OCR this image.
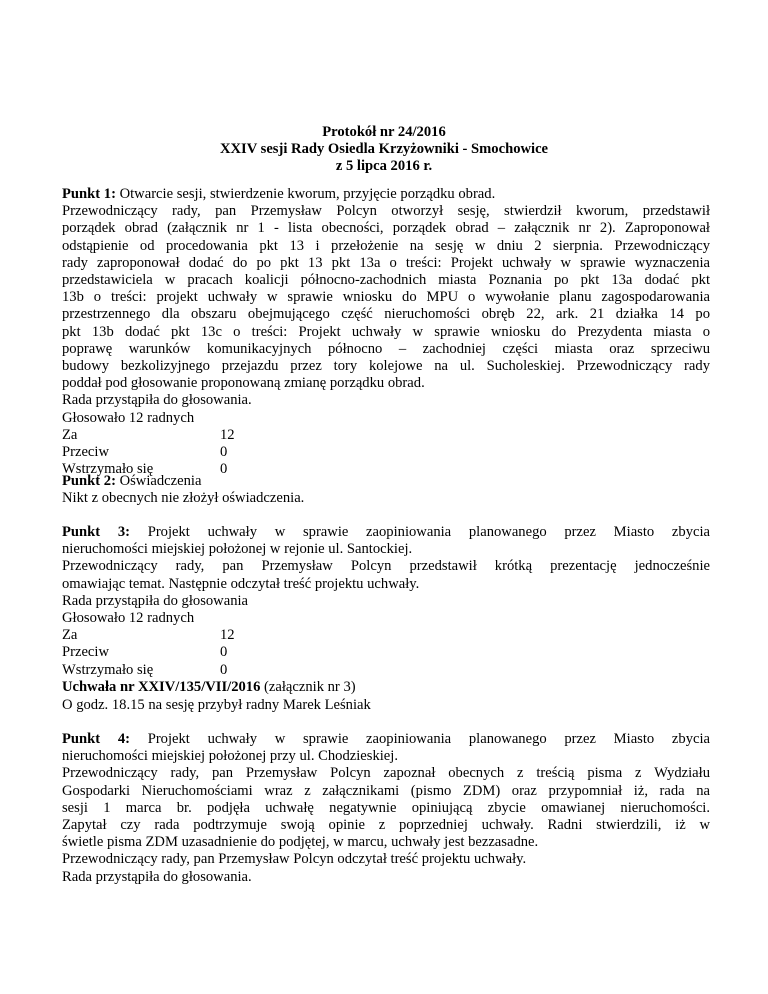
Protokół nr 24/2016
XXIV sesji Rady Osiedla Krzyżowniki - Smochowice
z 5 lipca 2016 r.

Punkt 1: Otwarcie sesji, stwierdzenie kworum, przyjęcie porządku obrad.

Przewodniczący rady, pan Przemysław Polcyn otworzył sesję, stwierdził kworum, przedstawił

porządek obrad (załącznik nr 1 - lista obecności, porządek obrad – załącznik nr 2). Zaproponował

odstąpienie od procedowania pkt 13 i przełożenie na sesję w dniu 2 sierpnia. Przewodniczący

rady zaproponował dodać do po pkt 13 pkt 13a o treści: Projekt uchwały w sprawie wyznaczenia

przedstawiciela w pracach koalicji północno-zachodnich miasta Poznania po pkt 13a dodać pkt

13b o treści: projekt uchwały w sprawie wniosku do MPU o wywołanie planu zagospodarowania

przestrzennego dla obszaru obejmującego część nieruchomości obręb 22, ark. 21 działka 14 po

pkt 13b dodać pkt 13c o treści: Projekt uchwały w sprawie wniosku do Prezydenta miasta o

poprawę warunków komunikacyjnych północno – zachodniej części miasta oraz sprzeciwu

budowy bezkolizyjnego przejazdu przez tory kolejowe na ul. Sucholeskiej. Przewodniczący rady

poddał pod głosowanie proponowaną zmianę porządku obrad.

Rada przystąpiła do głosowania.

Głosowało 12 radnych

Za	12
Przeciw	0
Wstrzymało się	0

Punkt 2: Oświadczenia

Nikt z obecnych nie złożył oświadczenia.

Punkt 3: Projekt uchwały w sprawie zaopiniowania planowanego przez Miasto zbycia

nieruchomości miejskiej położonej w rejonie ul. Santockiej.

Przewodniczący rady, pan Przemysław Polcyn przedstawił krótką prezentację jednocześnie

omawiając temat. Następnie odczytał treść projektu uchwały.

Rada przystąpiła do głosowania

Głosowało 12 radnych

Za	12
Przeciw	0
Wstrzymało się	0

Uchwała nr XXIV/135/VII/2016 (załącznik nr 3)

O godz. 18.15 na sesję przybył radny Marek Leśniak

Punkt 4: Projekt uchwały w sprawie zaopiniowania planowanego przez Miasto zbycia

nieruchomości miejskiej położonej przy ul. Chodzieskiej.

Przewodniczący rady, pan Przemysław Polcyn zapoznał obecnych z treścią pisma z Wydziału

Gospodarki Nieruchomościami wraz z załącznikami (pismo ZDM) oraz przypomniał iż, rada na

sesji 1 marca br. podjęła uchwałę negatywnie opiniującą zbycie omawianej nieruchomości.

Zapytał czy rada podtrzymuje swoją opinie z poprzedniej uchwały. Radni stwierdzili, iż w

świetle pisma ZDM uzasadnienie do podjętej, w marcu, uchwały jest bezzasadne.

Przewodniczący rady, pan Przemysław Polcyn odczytał treść projektu uchwały.

Rada przystąpiła do głosowania.
